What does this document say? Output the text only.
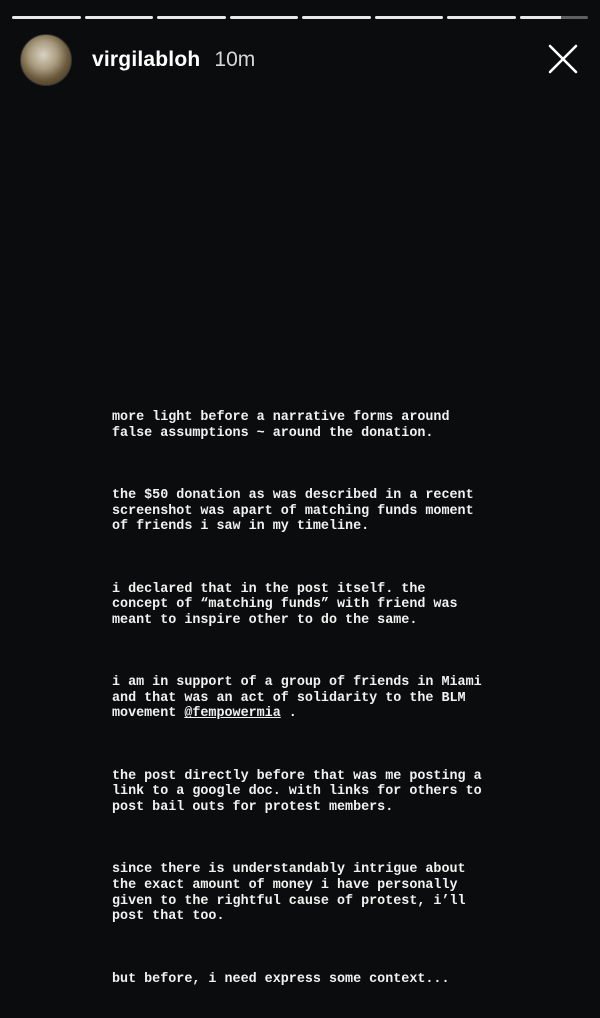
virgilabloh 10m

more light before a narrative forms around
false assumptions ~ around the donation.

the $50 donation as was described in a recent
screenshot was apart of matching funds moment
of friends i saw in my timeline.

i declared that in the post itself. the
concept of “matching funds” with friend was
meant to inspire other to do the same.

i am in support of a group of friends in Miami
and that was an act of solidarity to the BLM
movement @fempowermia .

the post directly before that was me posting a
link to a google doc. with links for others to
post bail outs for protest members.

since there is understandably intrigue about
the exact amount of money i have personally
given to the rightful cause of protest, i’ll
post that too.

but before, i need express some context...
